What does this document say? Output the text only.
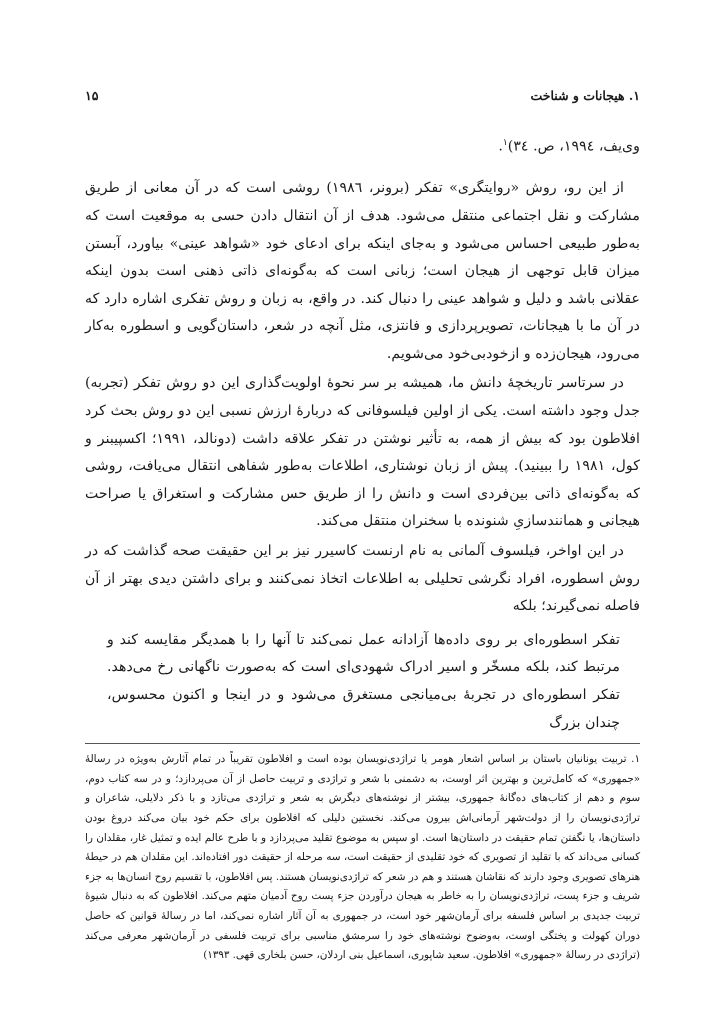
۱. هیجانات و شناخت
۱۵

وی‌یف، ۱۹۹٤، ص. ۳٤)$^۱$.

از این رو، روش «روایتگری» تفکر (برونر، ۱۹۸٦) روشی است که در آن معانی از طریق مشارکت و نقل اجتماعی منتقل می‌شود. هدف از آن انتقال دادن حسی به موقعیت است که به‌طور طبیعی احساس می‌شود و به‌جای اینکه برای ادعای خود «شواهد عینی» بیاورد، آبستن میزان قابل توجهی از هیجان است؛ زبانی است که به‌گونه‌ای ذاتی ذهنی است بدون اینکه عقلانی باشد و دلیل و شواهد عینی را دنبال کند. در واقع، به زبان و روش تفکری اشاره دارد که در آن ما با هیجانات، تصویرپردازی و فانتزی، مثل آنچه در شعر، داستان‌گویی و اسطوره به‌کار می‌رود، هیجان‌زده و ازخودبی‌خود می‌شویم.

در سرتاسر تاریخچهٔ دانش ما، همیشه بر سر نحوهٔ اولویت‌گذاری این دو روش تفکر (تجربه) جدل وجود داشته است. یکی از اولین فیلسوفانی که دربارهٔ ارزش نسبی این دو روش بحث کرد افلاطون بود که بیش از همه، به تأثیر نوشتن در تفکر علاقه داشت (دونالد، ۱۹۹۱؛ اکسپیبنر و کول، ۱۹۸۱ را ببینید). پیش از زبان نوشتاری، اطلاعات به‌طور شفاهی انتقال می‌یافت، روشی که به‌گونه‌ای ذاتی بین‌فردی است و دانش را از طریق حس مشارکت و استغراق یا صراحت هیجانی و همانندسازیِ شنونده با سخنران منتقل می‌کند.

در این اواخر، فیلسوف آلمانی به نام ارنست کاسیرر نیز بر این حقیقت صحه گذاشت که در روش اسطوره، افراد نگرشی تحلیلی به اطلاعات اتخاذ نمی‌کنند و برای داشتن دیدی بهتر از آن فاصله نمی‌گیرند؛ بلکه

تفکر اسطوره‌ای بر روی داده‌ها آزادانه عمل نمی‌کند تا آنها را با همدیگر مقایسه کند و مرتبط کند، بلکه مسخّر و اسیر ادراک شهودی‌ای است که به‌صورت ناگهانی رخ می‌دهد. تفکر اسطوره‌ای در تجربهٔ بی‌میانجی مستغرق می‌شود و در اینجا و اکنون محسوس، چندان بزرگ
۱. تربیت یونانیان باستان بر اساس اشعار هومر یا تراژدی‌نویسان بوده است و افلاطون تقریباً در تمام آثارش به‌ویژه در رسالهٔ «جمهوری» که کامل‌ترین و بهترین اثر اوست، به دشمنی با شعر و تراژدی و تربیت حاصل از آن می‌پردازد؛ و در سه کتاب دوم، سوم و دهم از کتاب‌های ده‌گانهٔ جمهوری، بیشتر از نوشته‌های دیگرش به شعر و تراژدی می‌تازد و با ذکر دلایلی، شاعران و تراژدی‌نویسان را از دولت‌شهر آرمانی‌اش بیرون می‌کند. نخستین دلیلی که افلاطون برای حکم خود بیان می‌کند دروغ بودن داستان‌ها، یا نگفتن تمام حقیقت در داستان‌ها است. او سپس به موضوع تقلید می‌پردازد و با طرح عالم ایده و تمثیل غار، مقلدان را کسانی می‌داند که با تقلید از تصویری که خود تقلیدی از حقیقت است، سه مرحله از حقیقت دور افتاده‌اند. این مقلدان هم در حیطهٔ هنرهای تصویری وجود دارند که نقاشان هستند و هم در شعر که تراژدی‌نویسان هستند. پس افلاطون، با تقسیم روح انسان‌ها به جزء شریف و جزء پست، تراژدی‌نویسان را به خاطر به هیجان درآوردن جزء پست روح آدمیان متهم می‌کند. افلاطون که به دنبال شیوهٔ تربیت جدیدی بر اساس فلسفه برای آرمان‌شهر خود است، در جمهوری به آن آثار اشاره نمی‌کند، اما در رسالهٔ قوانین که حاصل دوران کهولت و پختگی اوست، به‌وضوح نوشته‌های خود را سرمشق مناسبی برای تربیت فلسفی در آرمان‌شهر معرفی می‌کند (تراژدی در رسالهٔ «جمهوری» افلاطون. سعید شاپوری، اسماعیل بنی اردلان، حسن بلخاری قهی. ۱۳۹۳)
